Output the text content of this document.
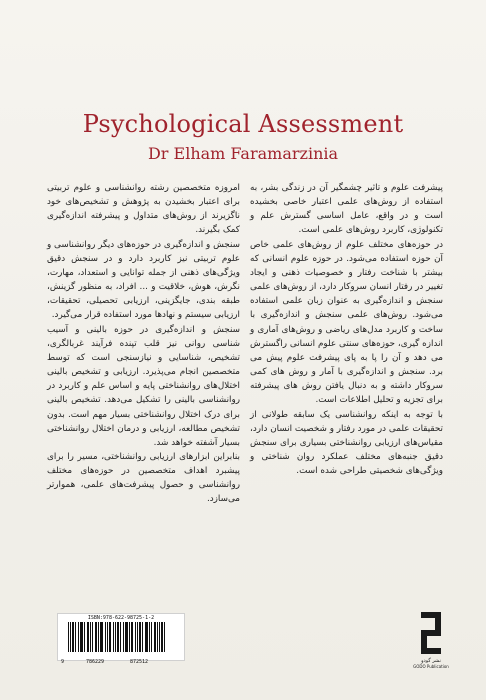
Psychological Assessment
Dr Elham Faramarzinia

پیشرفت علوم و تاثیر چشمگیر آن در زندگی بشر، به استفاده از روش‌های علمی اعتبار خاصی بخشیده است و در واقع، عامل اساسی گسترش علم و تکنولوژی، کاربرد روش‌های علمی است.

در حوزه‌های مختلف علوم از روش‌های علمی خاص آن حوزه استفاده می‌شود. در حوزه علوم انسانی که بیشتر با شناخت رفتار و خصوصیات ذهنی و ایجاد تغییر در رفتار انسان سروکار دارد، از روش‌های علمی سنجش و اندازه‌گیری به عنوان زبان علمی استفاده می‌شود. روش‌های علمی سنجش و اندازه‌گیری با ساخت و کاربرد مدل‌های ریاضی و روش‌های آماری و اندازه گیری، حوزه‌های سنتی علوم انسانی راگسترش می دهد و آن را پا به پای پیشرفت علوم پیش می برد. سنجش و اندازه‌گیری با آمار و روش های کمی سروکار داشته و به دنبال یافتن روش های پیشرفته برای تجزیه و تحلیل اطلاعات است.

با توجه به اینکه روانشناسی یک سابقه طولانی از تحقیقات علمی در مورد رفتار و شخصیت انسان دارد، مقیاس‌های ارزیابی روانشناختی بسیاری برای سنجش دقیق جنبه‌های مختلف عملکرد روان شناختی و ویژگی‌های شخصیتی طراحی شده است.

امروزه متخصصین رشته روانشناسی و علوم تربیتی برای اعتبار بخشیدن به پژوهش و تشخیص‌های خود ناگزیرند از روش‌های متداول و پیشرفته اندازه‌گیری کمک بگیرند.

سنجش و اندازه‌گیری در حوزه‌های دیگر روانشناسی و علوم تربیتی نیز کاربرد دارد و در سنجش دقیق ویژگی‌های ذهنی از جمله توانایی و استعداد، مهارت، نگرش، هوش، خلاقیت و ... افراد، به منظور گزینش، طبقه بندی، جایگزینی، ارزیابی تحصیلی، تحقیقات، ارزیابی سیستم و نهادها مورد استفاده قرار می‌گیرد.

سنجش و اندازه‌گیری در حوزه بالینی و آسیب شناسی روانی نیز قلب تپنده فرآیند غربالگری، تشخیص، شناسایی و نیازسنجی است که توسط متخصصین انجام می‌پذیرد. ارزیابی و تشخیص بالینی اختلال‌های روانشناختی پایه و اساس علم و کاربرد در روانشناسی بالینی را تشکیل می‌دهد. تشخیص بالینی برای درک اختلال روانشناختی بسیار مهم است. بدون تشخیص مطالعه، ارزیابی و درمان اختلال روانشناختی بسیار آشفته خواهد شد.

بنابراین ابزارهای ارزیابی روانشناختی، مسیر را برای پیشبرد اهداف متخصصین در حوزه‌های مختلف روانشناسی و حصول پیشرفت‌های علمی، هموارتر می‌سازد.

ISBN:978-622-98725-1-2
9	786229	872512	نشر گودو
GODO Publication
